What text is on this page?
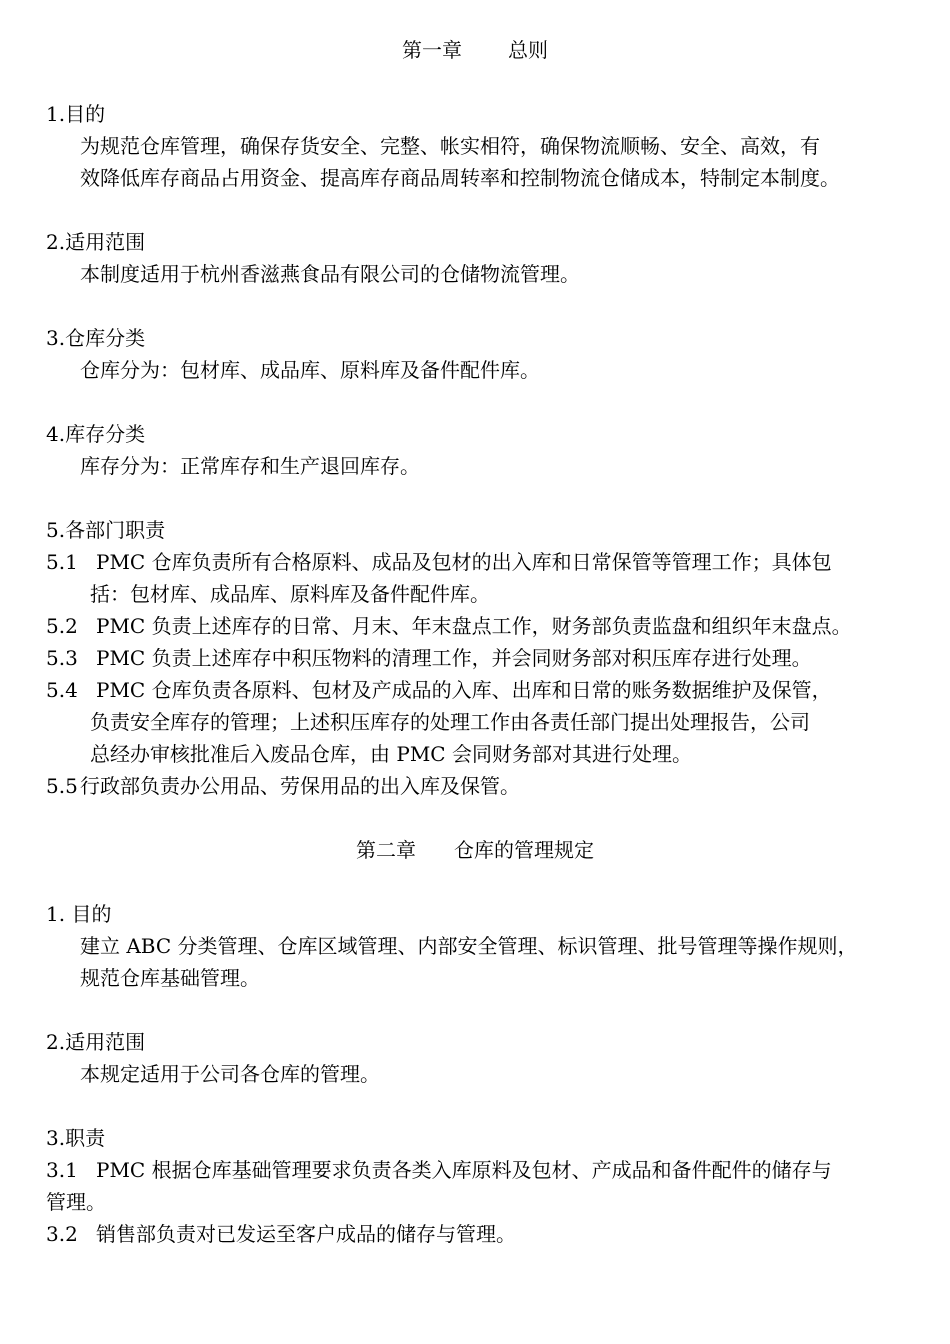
第一章 总则
1.目的
为规范仓库管理，确保存货安全、完整、帐实相符，确保物流顺畅、安全、高效，有
效降低库存商品占用资金、提高库存商品周转率和控制物流仓储成本，特制定本制度。
2.适用范围
本制度适用于杭州香滋燕食品有限公司的仓储物流管理。
3.仓库分类
仓库分为：包材库、成品库、原料库及备件配件库。
4.库存分类
库存分为：正常库存和生产退回库存。
5.各部门职责
5.1 PMC 仓库负责所有合格原料、成品及包材的出入库和日常保管等管理工作；具体包
括：包材库、成品库、原料库及备件配件库。
5.2 PMC 负责上述库存的日常、月末、年末盘点工作，财务部负责监盘和组织年末盘点。
5.3 PMC 负责上述库存中积压物料的清理工作，并会同财务部对积压库存进行处理。
5.4 PMC 仓库负责各原料、包材及产成品的入库、出库和日常的账务数据维护及保管，
负责安全库存的管理；上述积压库存的处理工作由各责任部门提出处理报告，公司
总经办审核批准后入废品仓库，由 PMC 会同财务部对其进行处理。
5.5 行政部负责办公用品、劳保用品的出入库及保管。
第二章 仓库的管理规定
1. 目的
建立 ABC 分类管理、仓库区域管理、内部安全管理、标识管理、批号管理等操作规则，
规范仓库基础管理。
2.适用范围
本规定适用于公司各仓库的管理。
3.职责
3.1 PMC 根据仓库基础管理要求负责各类入库原料及包材、产成品和备件配件的储存与
管理。
3.2 销售部负责对已发运至客户成品的储存与管理。
